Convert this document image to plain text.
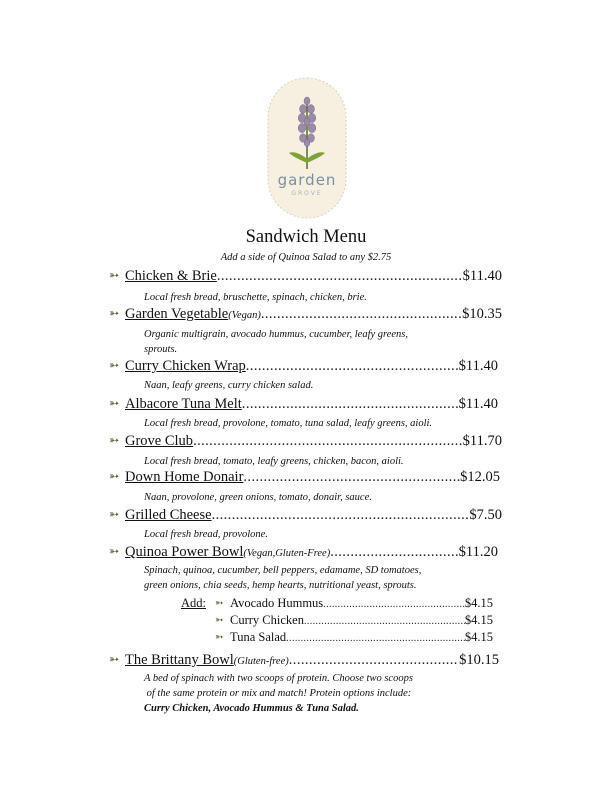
garden
GROVE
Sandwich Menu
Add a side of Quinoa Salad to any $2.75
➳ Chicken & Brie .....	$11.40
Local fresh bread, bruschette, spinach, chicken, brie.
➳ Garden Vegetable (Vegan) .....	$10.35
Organic multigrain, avocado hummus, cucumber, leafy greens,
sprouts.
➳ Curry Chicken Wrap .....	$11.40
Naan, leafy greens, curry chicken salad.
➳ Albacore Tuna Melt .....	$11.40
Local fresh bread, provolone, tomato, tuna salad, leafy greens, aioli.
➳ Grove Club .....	$11.70
Local fresh bread, tomato, leafy greens, chicken, bacon, aioli.
➳ Down Home Donair .....	$12.05
Naan, provolone, green onions, tomato, donair, sauce.
➳ Grilled Cheese .....	$7.50
Local fresh bread, provolone.
➳ Quinoa Power Bowl (Vegan,Gluten-Free) .....	$11.20
Spinach, quinoa, cucumber, bell peppers, edamame, SD tomatoes,
green onions, chia seeds, hemp hearts, nutritional yeast, sprouts.
Add: ➳ Avocado Hummus .....	$4.15
➳ Curry Chicken .....	$4.15
➳ Tuna Salad .....	$4.15
➳ The Brittany Bowl (Gluten-free) .....	$10.15
A bed of spinach with two scoops of protein. Choose two scoops
of the same protein or mix and match! Protein options include:
Curry Chicken, Avocado Hummus & Tuna Salad.
